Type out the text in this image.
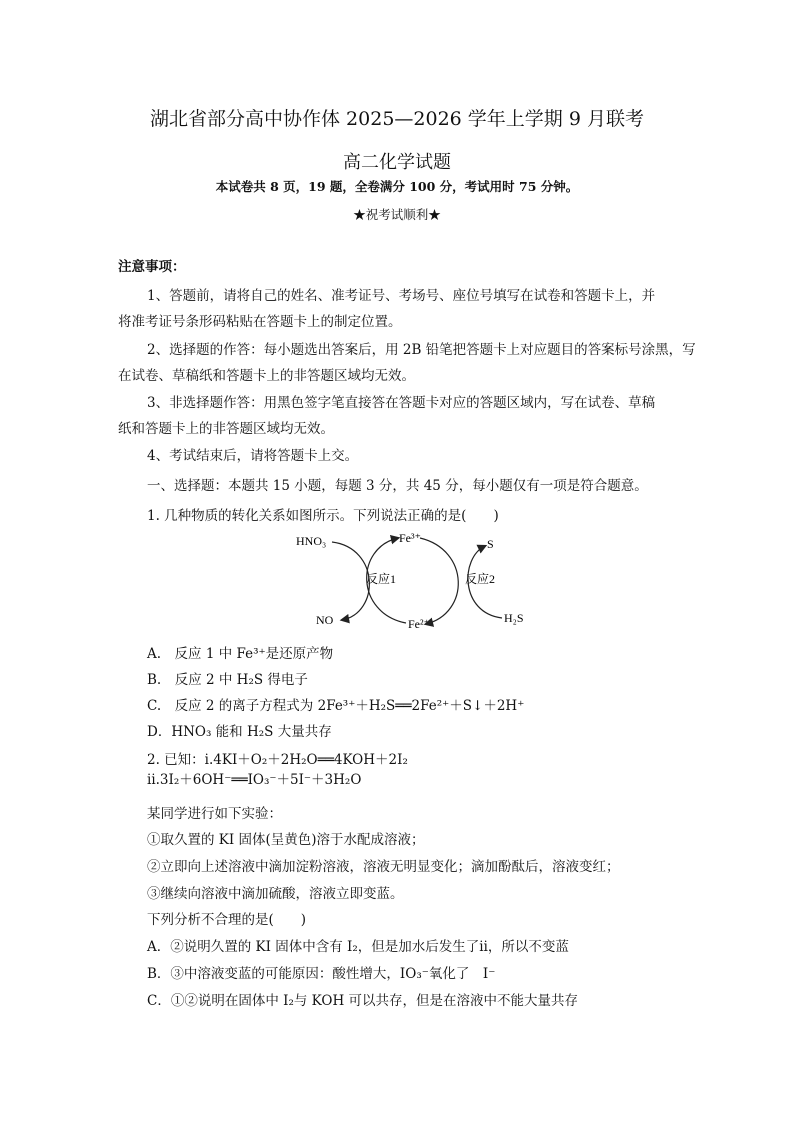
湖北省部分高中协作体 2025—2026 学年上学期 9 月联考
高二化学试题
本试卷共 8 页，19 题，全卷满分 100 分，考试用时 75 分钟。
★祝考试顺利★
注意事项：
1、答题前，请将自己的姓名、准考证号、考场号、座位号填写在试卷和答题卡上，并
将准考证号条形码粘贴在答题卡上的制定位置。
2、选择题的作答：每小题选出答案后，用 2B 铅笔把答题卡上对应题目的答案标号涂黑，写
在试卷、草稿纸和答题卡上的非答题区域均无效。
3、非选择题作答：用黑色签字笔直接答在答题卡对应的答题区域内，写在试卷、草稿
纸和答题卡上的非答题区域均无效。
4、考试结束后，请将答题卡上交。
一、选择题：本题共 15 小题，每题 3 分，共 45 分，每小题仅有一项是符合题意。
1. 几种物质的转化关系如图所示。下列说法正确的是(　　)
HNO₃
NO
Fe³⁺
Fe²⁺
S
H₂S
反应1	反应2
A.　反应 1 中 Fe³⁺是还原产物
B.　反应 2 中 H₂S 得电子
C.　反应 2 的离子方程式为 2Fe³⁺＋H₂S══2Fe²⁺＋S↓＋2H⁺
D．HNO₃ 能和 H₂S 大量共存
2. 已知：ⅰ.4KI＋O₂＋2H₂O══4KOH＋2I₂
ⅱ.3I₂＋6OH⁻══IO₃⁻＋5I⁻＋3H₂O
某同学进行如下实验：
①取久置的 KI 固体(呈黄色)溶于水配成溶液；
②立即向上述溶液中滴加淀粉溶液，溶液无明显变化；滴加酚酞后，溶液变红；
③继续向溶液中滴加硫酸，溶液立即变蓝。
下列分析不合理的是(　　)
A．②说明久置的 KI 固体中含有 I₂，但是加水后发生了ⅱ，所以不变蓝
B．③中溶液变蓝的可能原因：酸性增大，IO₃⁻氧化了　I⁻
C．①②说明在固体中 I₂与 KOH 可以共存，但是在溶液中不能大量共存
